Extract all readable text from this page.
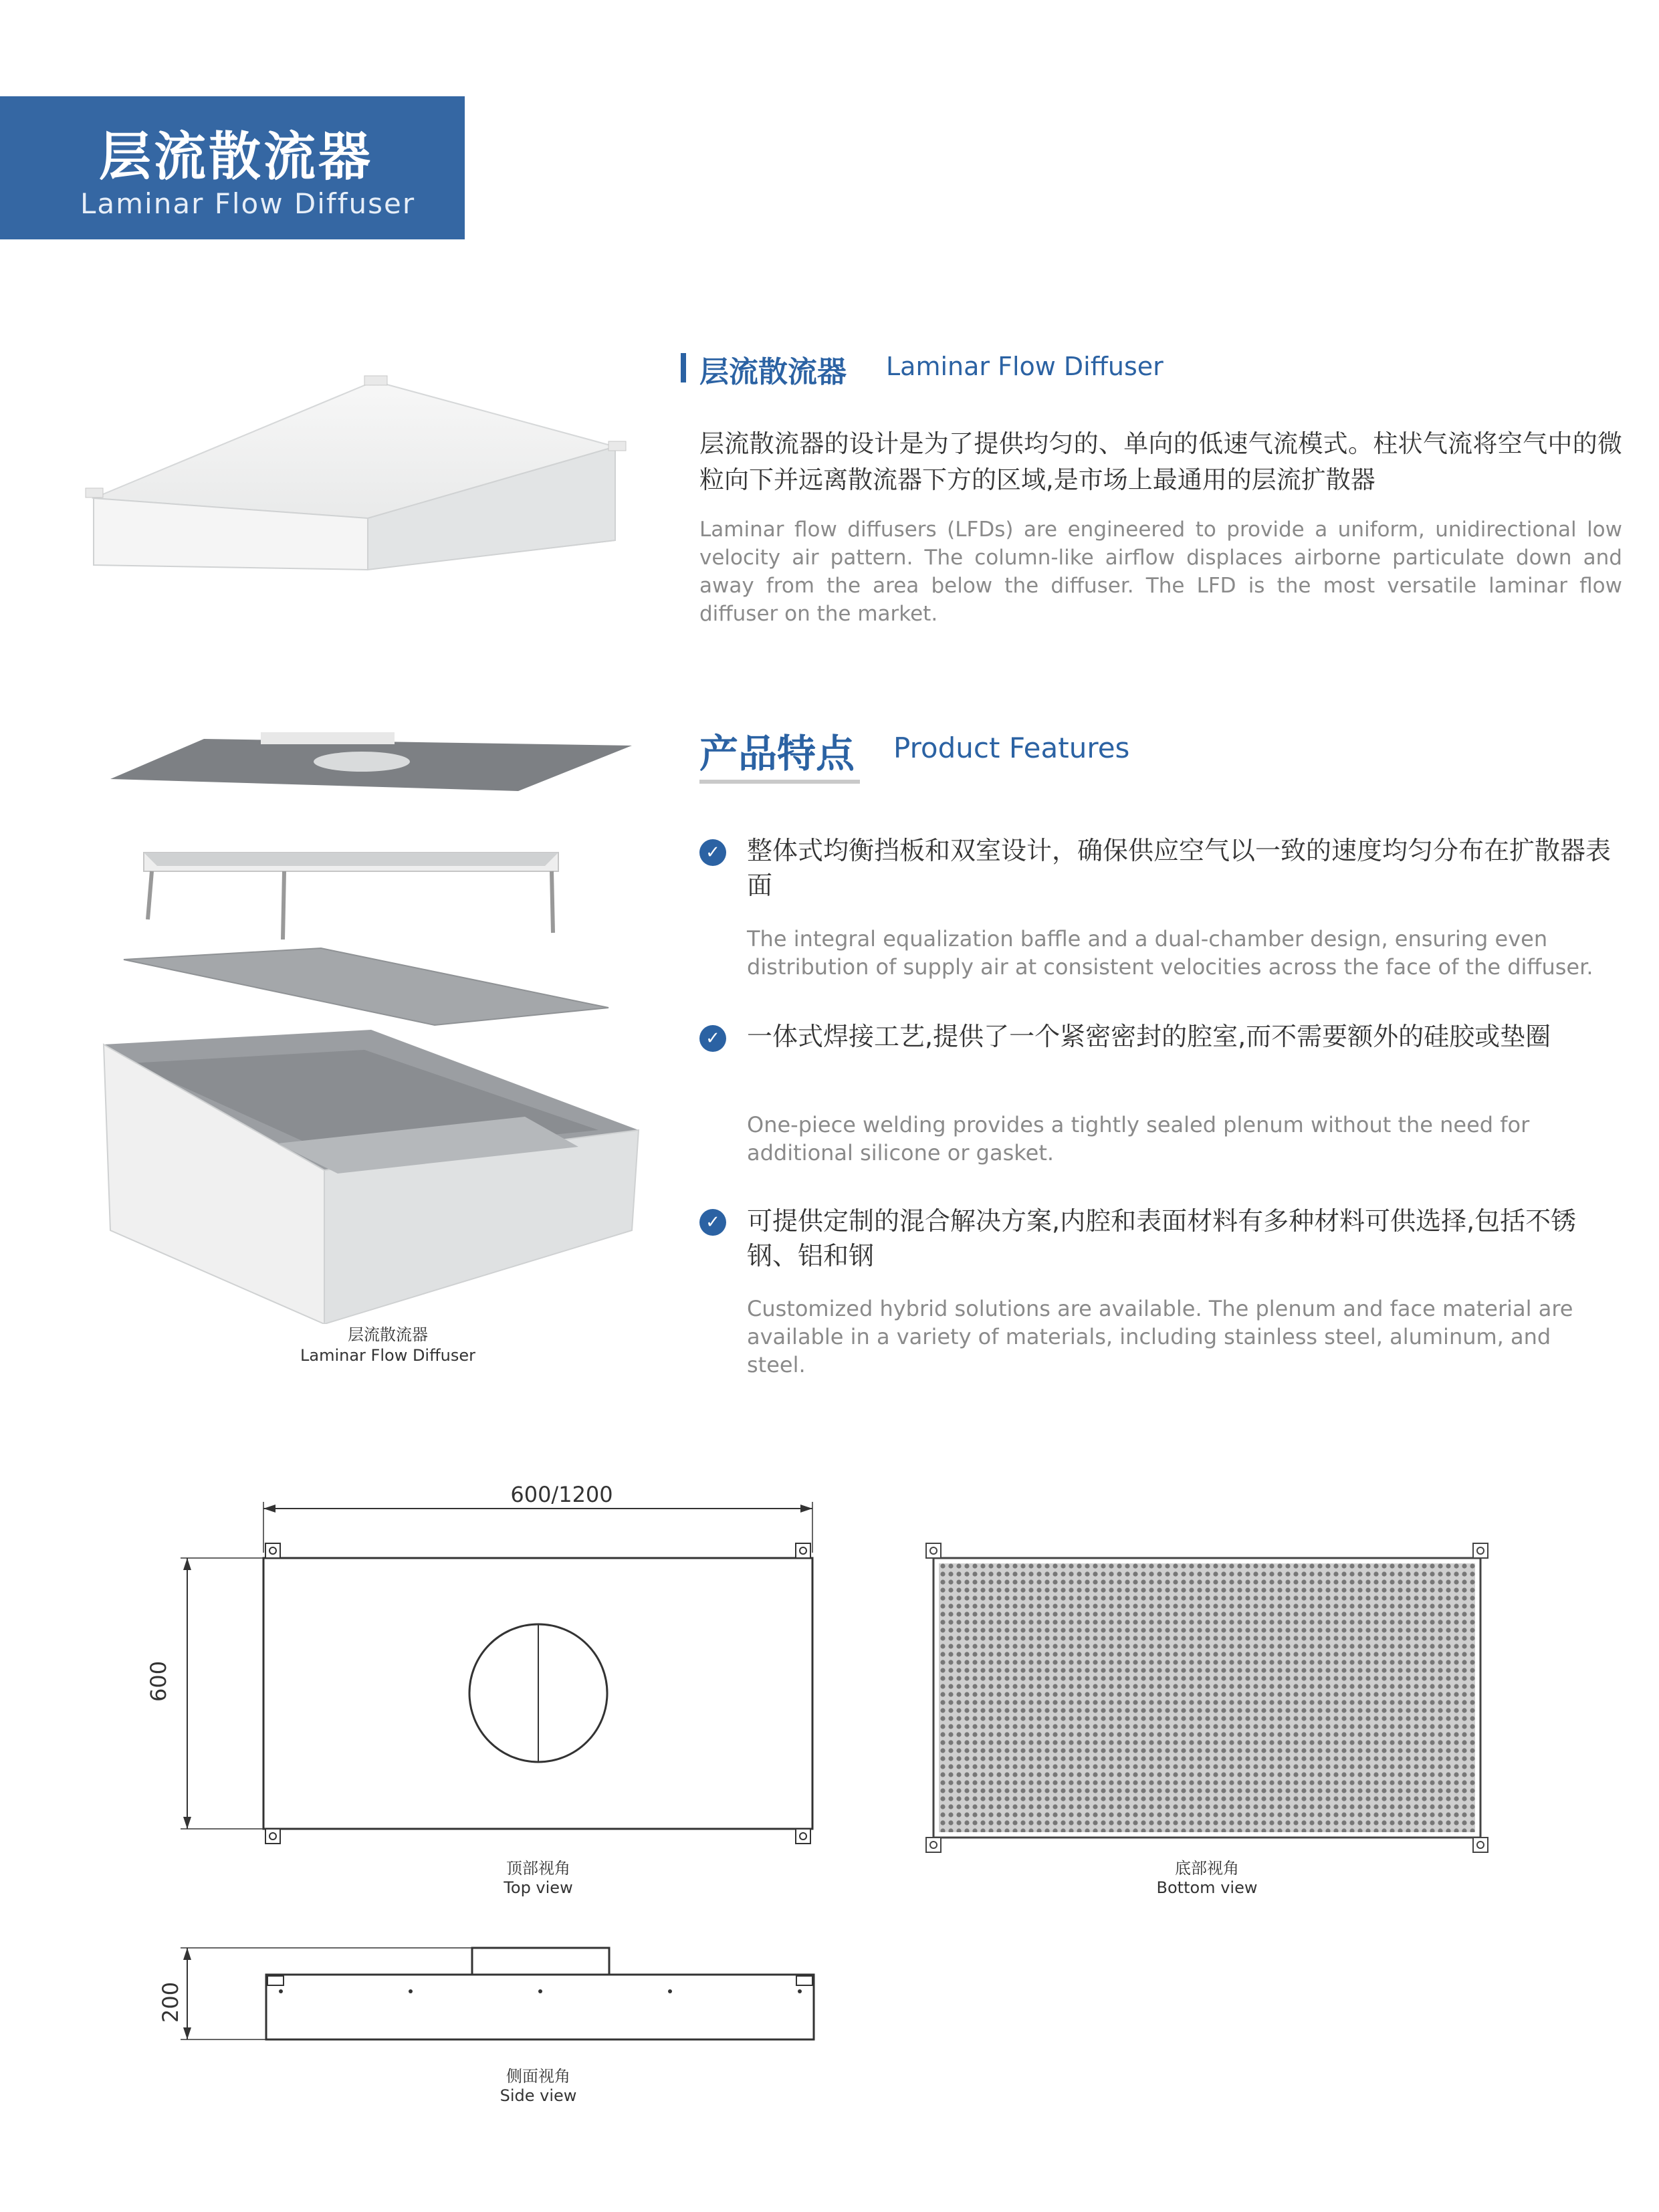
层流散流器
Laminar Flow Diffuser
层流散流器
Laminar Flow Diffuser
层流散流器 Laminar Flow Diffuser
层流散流器的设计是为了提供均匀的、单向的低速气流模式。柱状气流将空气中的微粒向下并远离散流器下方的区域,是市场上最通用的层流扩散器
Laminar flow diffusers (LFDs) are engineered to provide a uniform, unidirectional low velocity air pattern. The column-like airflow displaces airborne particulate down and away from the area below the diffuser. The LFD is the most versatile laminar flow diffuser on the market.
产品特点 Product Features
✓ 整体式均衡挡板和双室设计，确保供应空气以一致的速度均匀分布在扩散器表面
The integral equalization baffle and a dual-chamber design, ensuring even distribution of supply air at consistent velocities across the face of the diffuser.
✓ 一体式焊接工艺,提供了一个紧密密封的腔室,而不需要额外的硅胶或垫圈
One-piece welding provides a tightly sealed plenum without the need for additional silicone or gasket.
✓ 可提供定制的混合解决方案,内腔和表面材料有多种材料可供选择,包括不锈钢、铝和钢
Customized hybrid solutions are available. The plenum and face material are available in a variety of materials, including stainless steel, aluminum, and steel.
600/1200
600
顶部视角
Top view
底部视角
Bottom view
200
侧面视角
Side view
